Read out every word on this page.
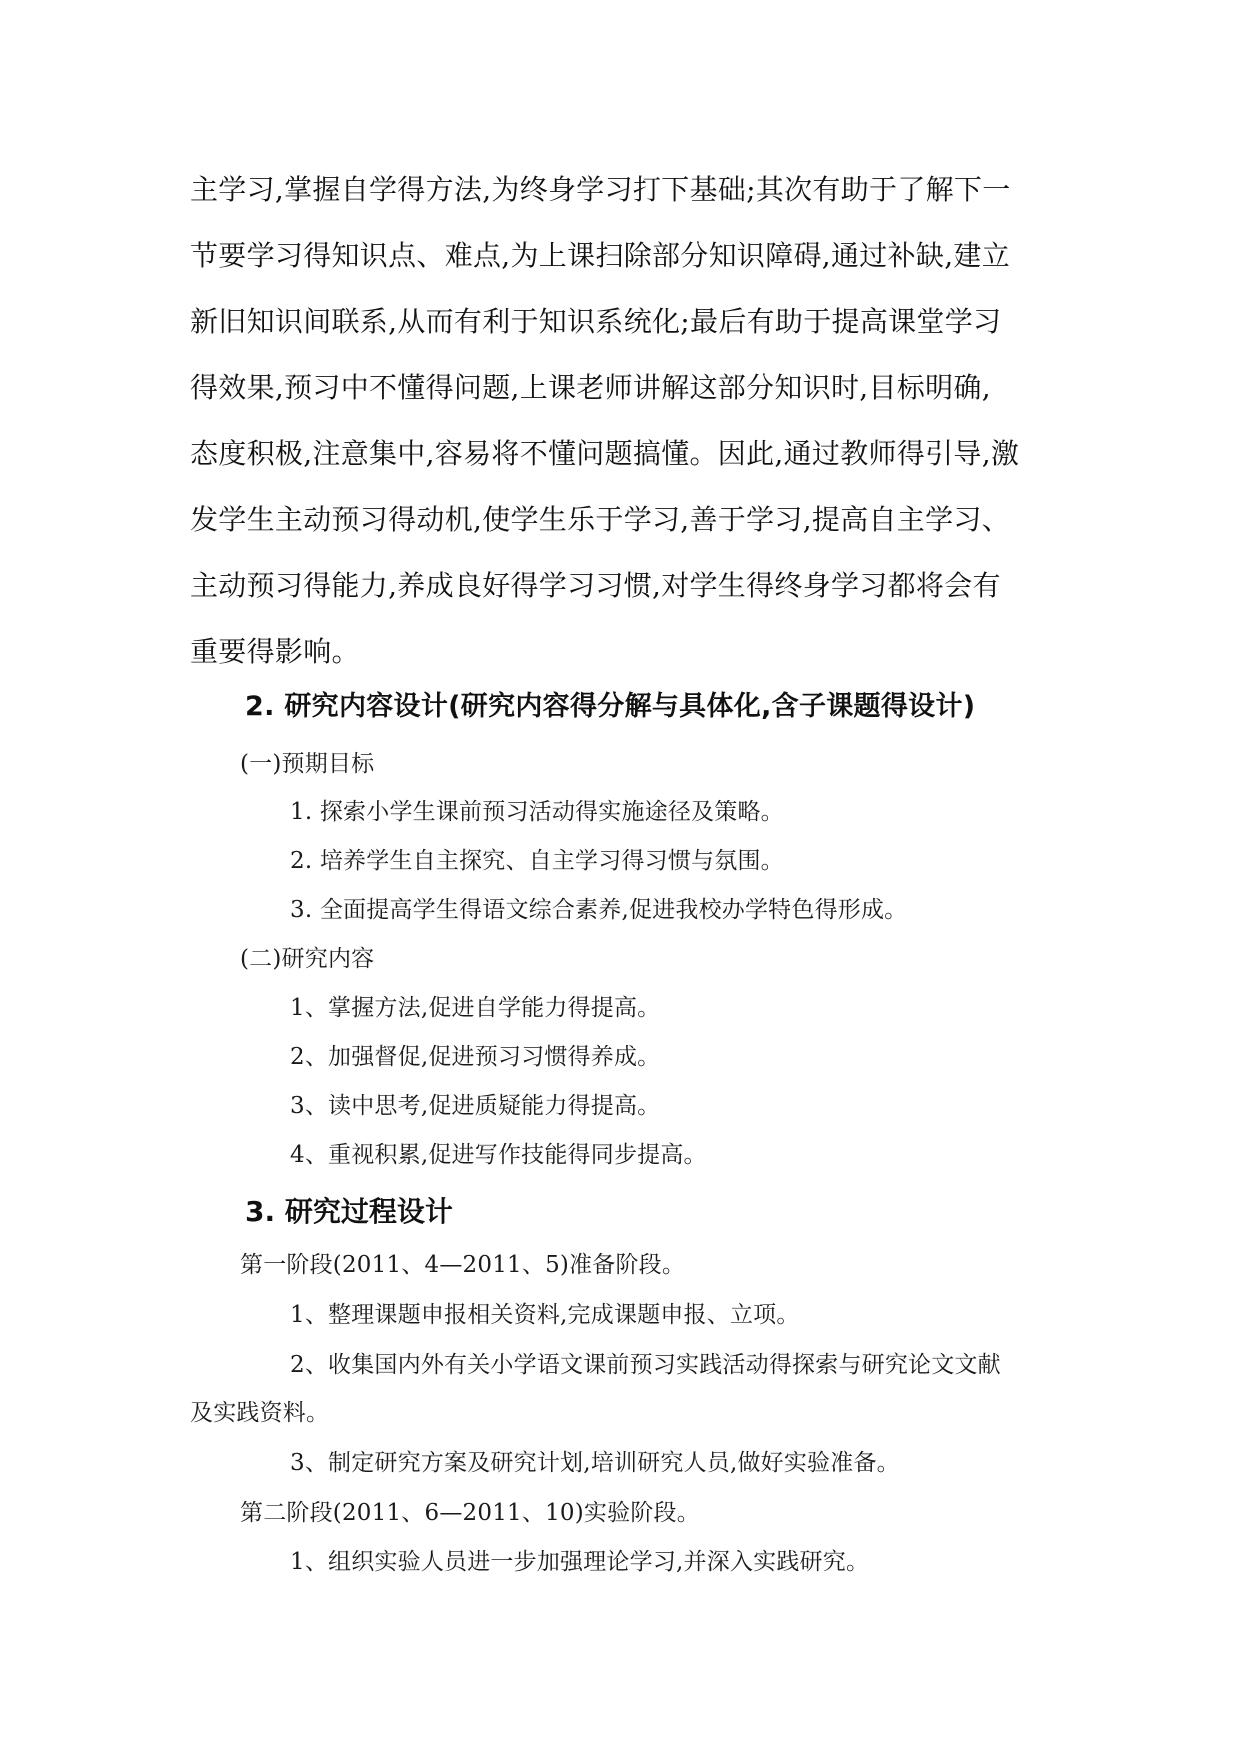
主学习,掌握自学得方法,为终身学习打下基础;其次有助于了解下一
节要学习得知识点、难点,为上课扫除部分知识障碍,通过补缺,建立
新旧知识间联系,从而有利于知识系统化;最后有助于提高课堂学习
得效果,预习中不懂得问题,上课老师讲解这部分知识时,目标明确,
态度积极,注意集中,容易将不懂问题搞懂。因此,通过教师得引导,激
发学生主动预习得动机,使学生乐于学习,善于学习,提高自主学习、
主动预习得能力,养成良好得学习习惯,对学生得终身学习都将会有
重要得影响。
2. 研究内容设计(研究内容得分解与具体化,含子课题得设计)
(一)预期目标
1. 探索小学生课前预习活动得实施途径及策略。
2. 培养学生自主探究、自主学习得习惯与氛围。
3. 全面提高学生得语文综合素养,促进我校办学特色得形成。
(二)研究内容
1、掌握方法,促进自学能力得提高。
2、加强督促,促进预习习惯得养成。
3、读中思考,促进质疑能力得提高。
4、重视积累,促进写作技能得同步提高。
3. 研究过程设计
第一阶段(2011、4—2011、5)准备阶段。
1、整理课题申报相关资料,完成课题申报、立项。
2、收集国内外有关小学语文课前预习实践活动得探索与研究论文文献
及实践资料。
3、制定研究方案及研究计划,培训研究人员,做好实验准备。
第二阶段(2011、6—2011、10)实验阶段。
1、组织实验人员进一步加强理论学习,并深入实践研究。
